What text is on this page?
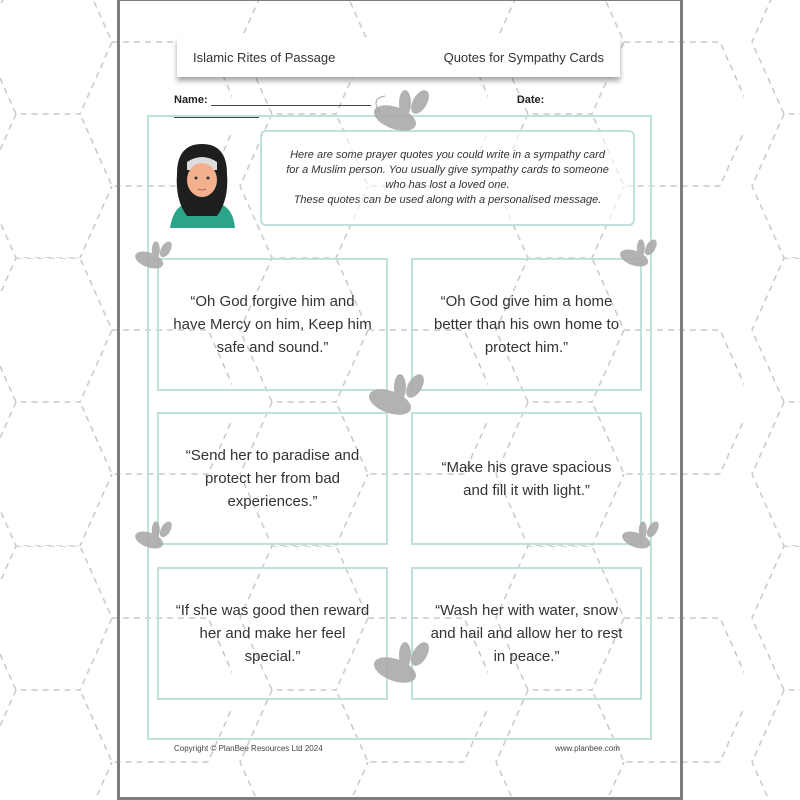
Islamic Rites of Passage	Quotes for Sympathy Cards
Name:	Date:
Here are some prayer quotes you could write in a sympathy card
for a Muslim person. You usually give sympathy cards to someone
who has lost a loved one.
These quotes can be used along with a personalised message.
“Oh God forgive him and have Mercy on him, Keep him safe and sound.”
“Oh God give him a home better than his own home to protect him.”
“Send her to paradise and protect her from bad experiences.”
“Make his grave spacious and fill it with light.”
“If she was good then reward her and make her feel special.”
“Wash her with water, snow and hail and allow her to rest in peace.”
Copyright © PlanBee Resources Ltd 2024	www.planbee.com
